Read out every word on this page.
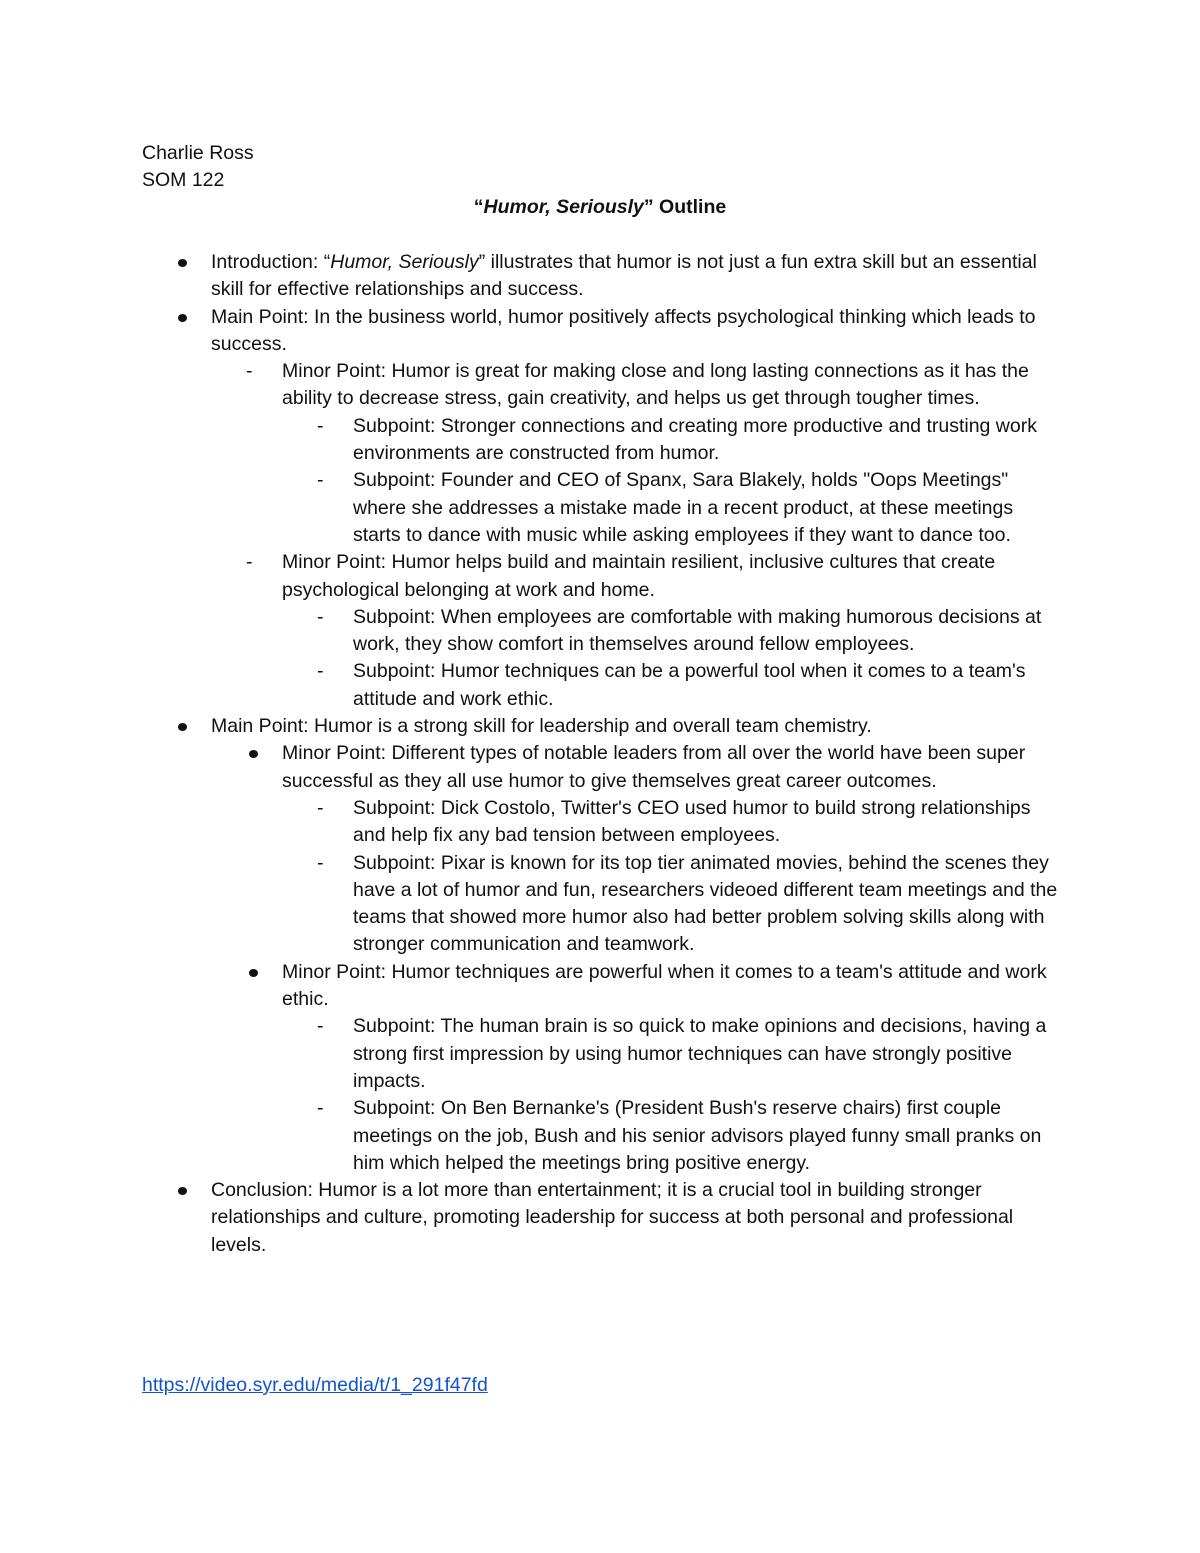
Charlie Ross
SOM 122
“Humor, Seriously” Outline
Introduction: “Humor, Seriously” illustrates that humor is not just a fun extra skill but an essential skill for effective relationships and success.
Main Point: In the business world, humor positively affects psychological thinking which leads to success.
- Minor Point: Humor is great for making close and long lasting connections as it has the ability to decrease stress, gain creativity, and helps us get through tougher times.
- Subpoint: Stronger connections and creating more productive and trusting work environments are constructed from humor.
- Subpoint: Founder and CEO of Spanx, Sara Blakely, holds "Oops Meetings" where she addresses a mistake made in a recent product, at these meetings starts to dance with music while asking employees if they want to dance too.
- Minor Point: Humor helps build and maintain resilient, inclusive cultures that create psychological belonging at work and home.
- Subpoint: When employees are comfortable with making humorous decisions at work, they show comfort in themselves around fellow employees.
- Subpoint: Humor techniques can be a powerful tool when it comes to a team's attitude and work ethic.
Main Point: Humor is a strong skill for leadership and overall team chemistry.
Minor Point: Different types of notable leaders from all over the world have been super successful as they all use humor to give themselves great career outcomes.
- Subpoint: Dick Costolo, Twitter's CEO used humor to build strong relationships and help fix any bad tension between employees.
- Subpoint: Pixar is known for its top tier animated movies, behind the scenes they have a lot of humor and fun, researchers videoed different team meetings and the teams that showed more humor also had better problem solving skills along with stronger communication and teamwork.
Minor Point: Humor techniques are powerful when it comes to a team's attitude and work ethic.
- Subpoint: The human brain is so quick to make opinions and decisions, having a strong first impression by using humor techniques can have strongly positive impacts.
- Subpoint: On Ben Bernanke's (President Bush's reserve chairs) first couple meetings on the job, Bush and his senior advisors played funny small pranks on him which helped the meetings bring positive energy.
Conclusion: Humor is a lot more than entertainment; it is a crucial tool in building stronger relationships and culture, promoting leadership for success at both personal and professional levels.
https://video.syr.edu/media/t/1_291f47fd
